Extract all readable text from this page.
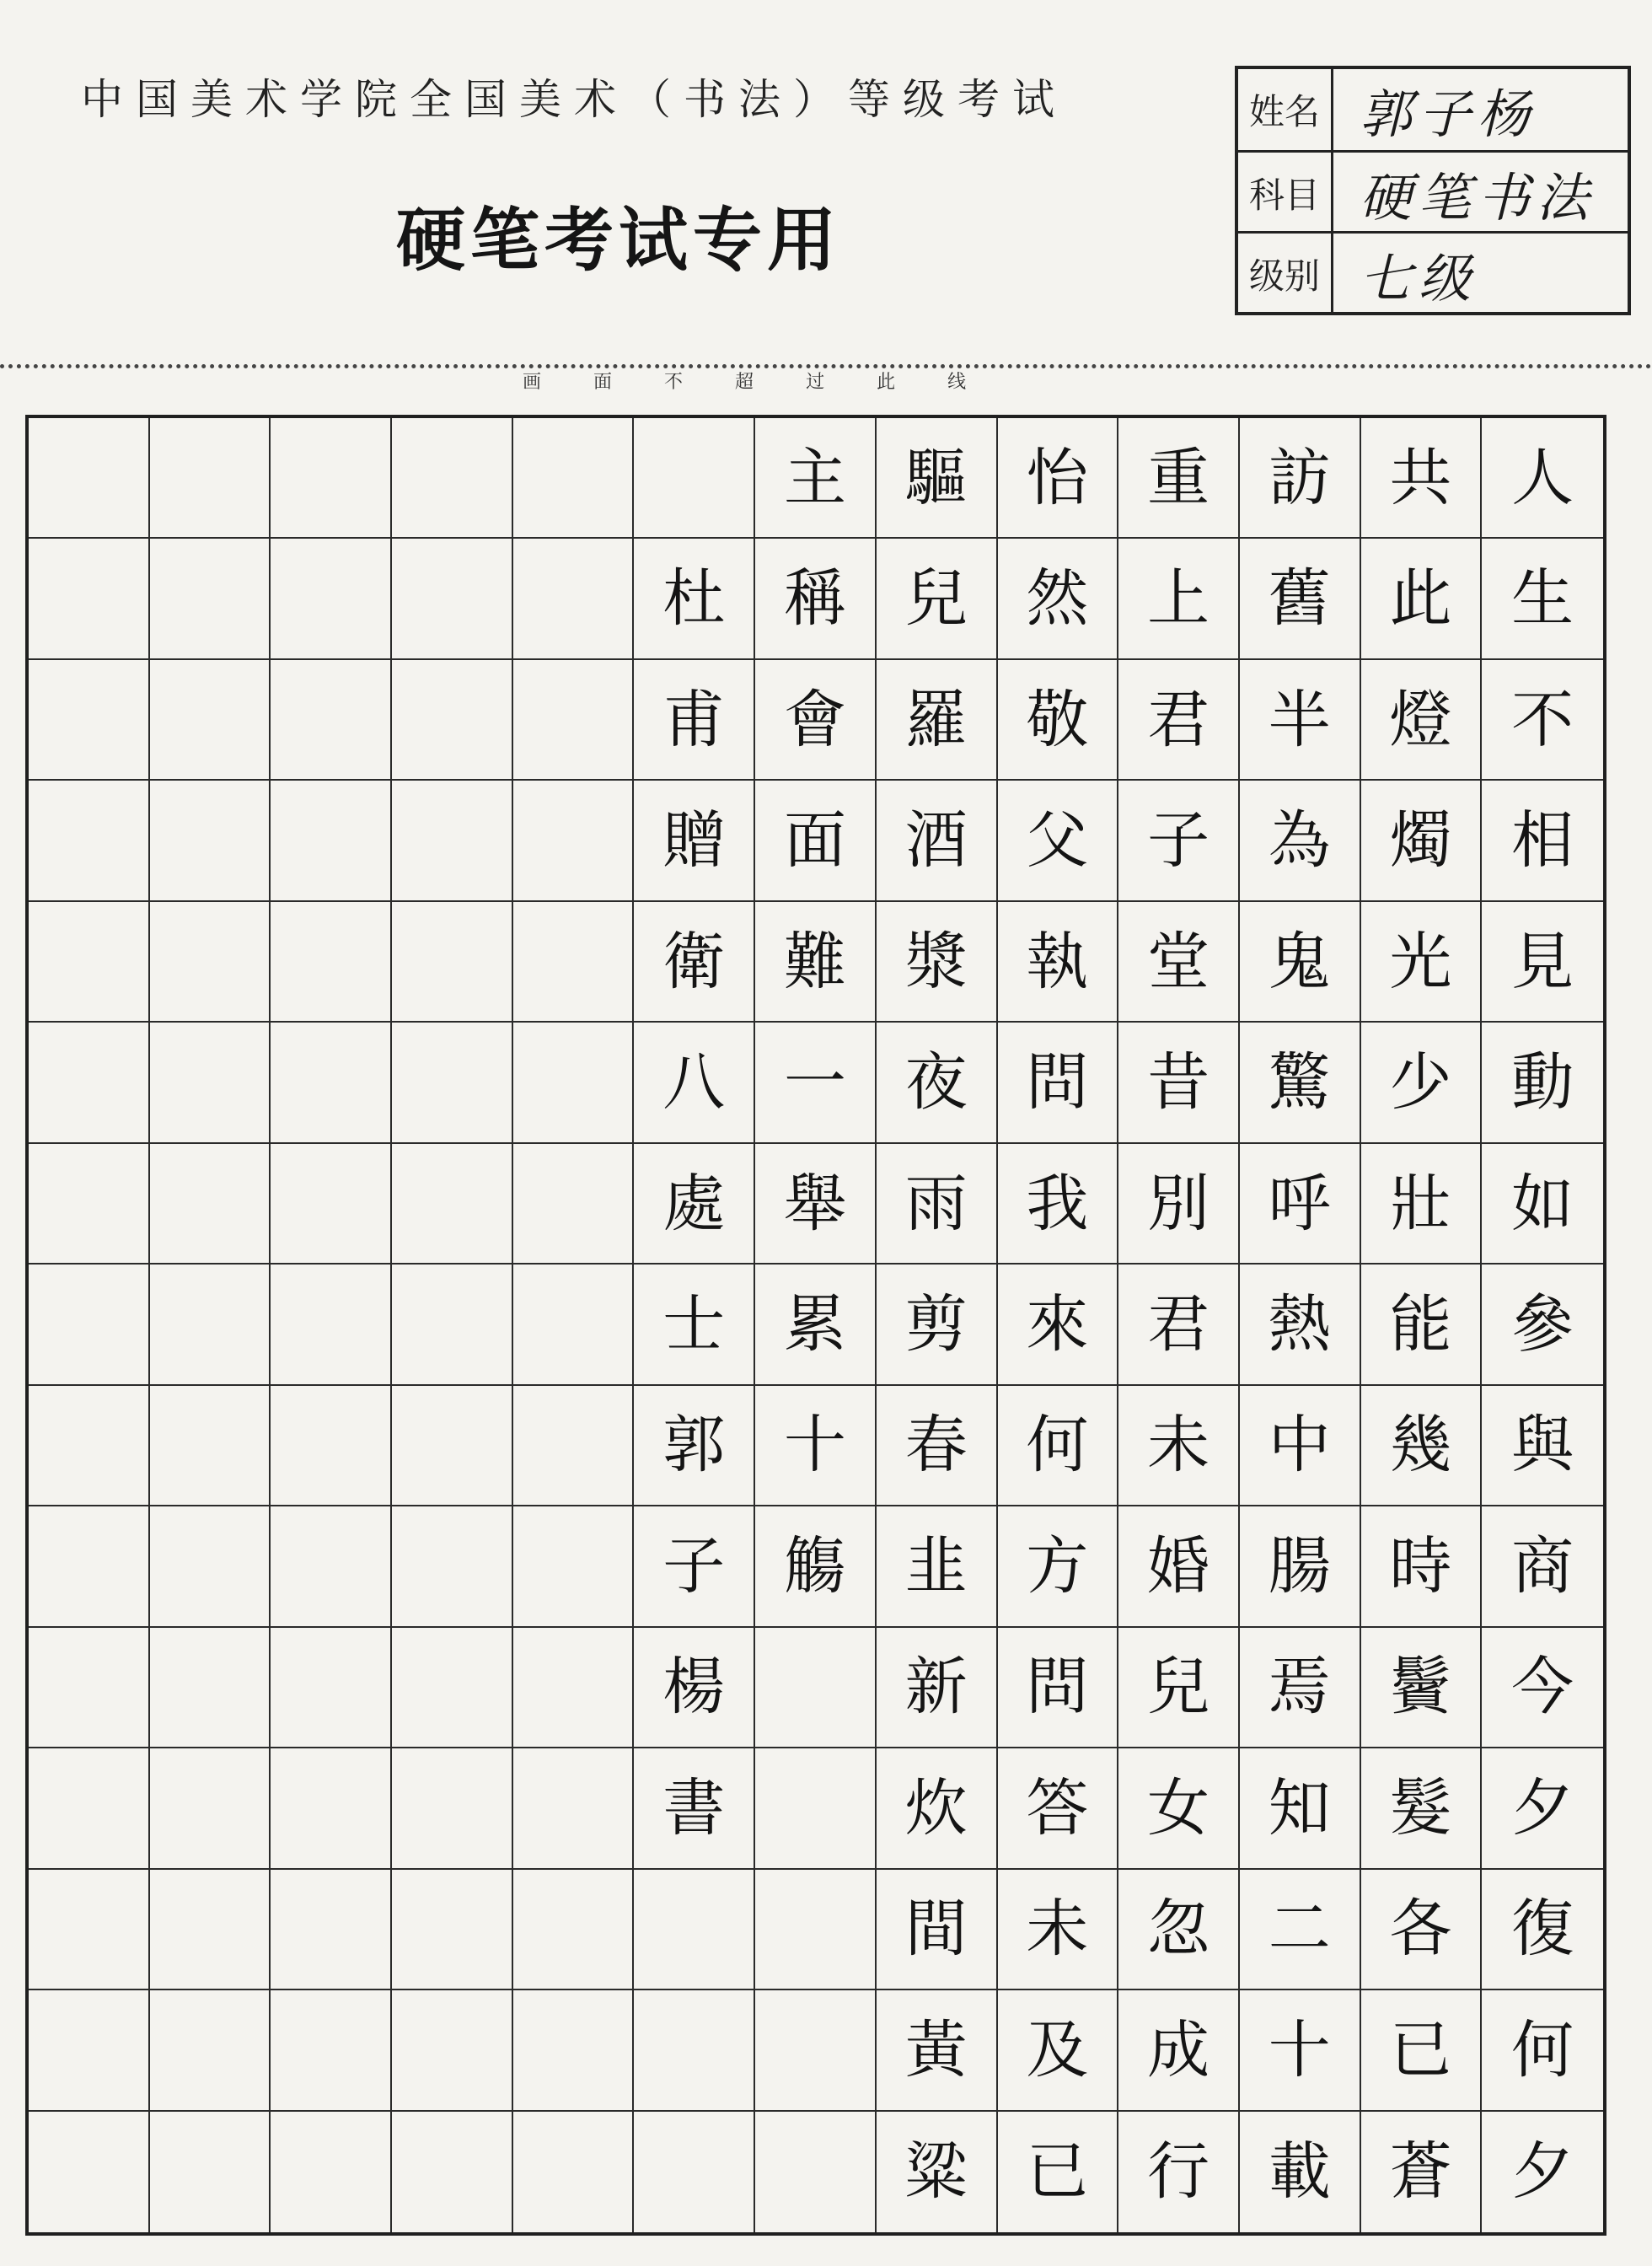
中国美术学院全国美术（书法）等级考试
硬笔考试专用
姓名 郭子杨
科目 硬笔书法
级别 七级
画	面	不	超	过	此	线
主 驅 怡 重 訪 共 人
杜 稱 兒 然 上 舊 此 生
甫 會 羅 敬 君 半 燈 不
贈 面 酒 父 子 為 燭 相
衛 難 漿 執 堂 鬼 光 見
八 一 夜 問 昔 驚 少 動
處 舉 雨 我 別 呼 壯 如
士 累 剪 來 君 熱 能 參
郭 十 春 何 未 中 幾 與
子 觴 韭 方 婚 腸 時 商
楊	新 問 兒 焉 鬢 今
書	炊 答 女 知 髮 夕
間 未 忽 二 各 復
黃 及 成 十 已 何
粱 已 行 載 蒼 夕
